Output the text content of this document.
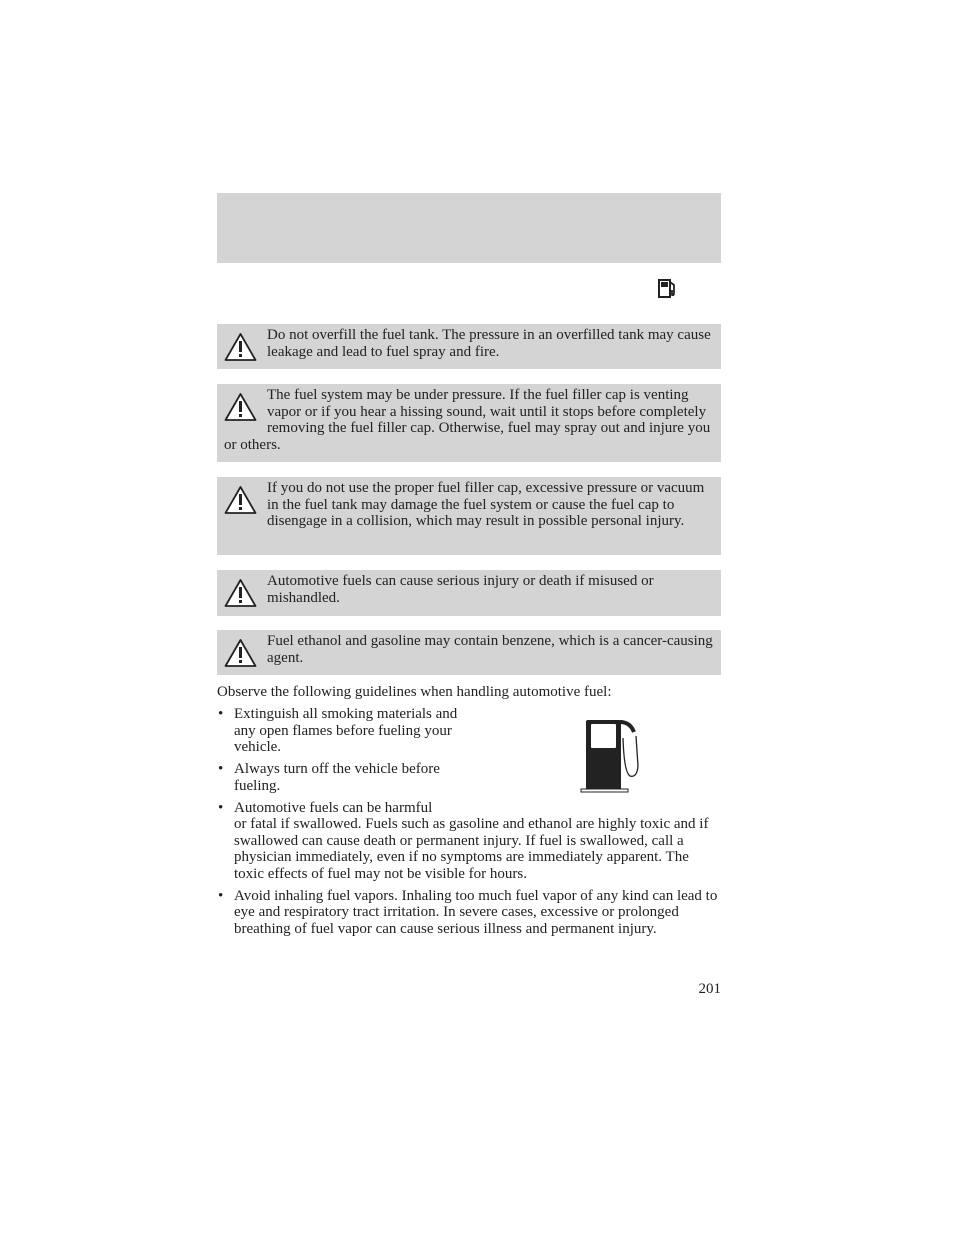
Do not overfill the fuel tank. The pressure in an overfilled tank may cause leakage and lead to fuel spray and fire.
The fuel system may be under pressure. If the fuel filler cap is venting vapor or if you hear a hissing sound, wait until it stops before completely removing the fuel filler cap. Otherwise, fuel may spray out and injure you or others.
If you do not use the proper fuel filler cap, excessive pressure or vacuum in the fuel tank may damage the fuel system or cause the fuel cap to disengage in a collision, which may result in possible personal injury.
Automotive fuels can cause serious injury or death if misused or mishandled.
Fuel ethanol and gasoline may contain benzene, which is a cancer-causing agent.
Observe the following guidelines when handling automotive fuel:
• Extinguish all smoking materials and any open flames before fueling your vehicle.
• Always turn off the vehicle before fueling.
• Automotive fuels can be harmful
or fatal if swallowed. Fuels such as gasoline and ethanol are highly toxic and if swallowed can cause death or permanent injury. If fuel is swallowed, call a physician immediately, even if no symptoms are immediately apparent. The toxic effects of fuel may not be visible for hours.
• Avoid inhaling fuel vapors. Inhaling too much fuel vapor of any kind can lead to eye and respiratory tract irritation. In severe cases, excessive or prolonged breathing of fuel vapor can cause serious illness and permanent injury.
201
